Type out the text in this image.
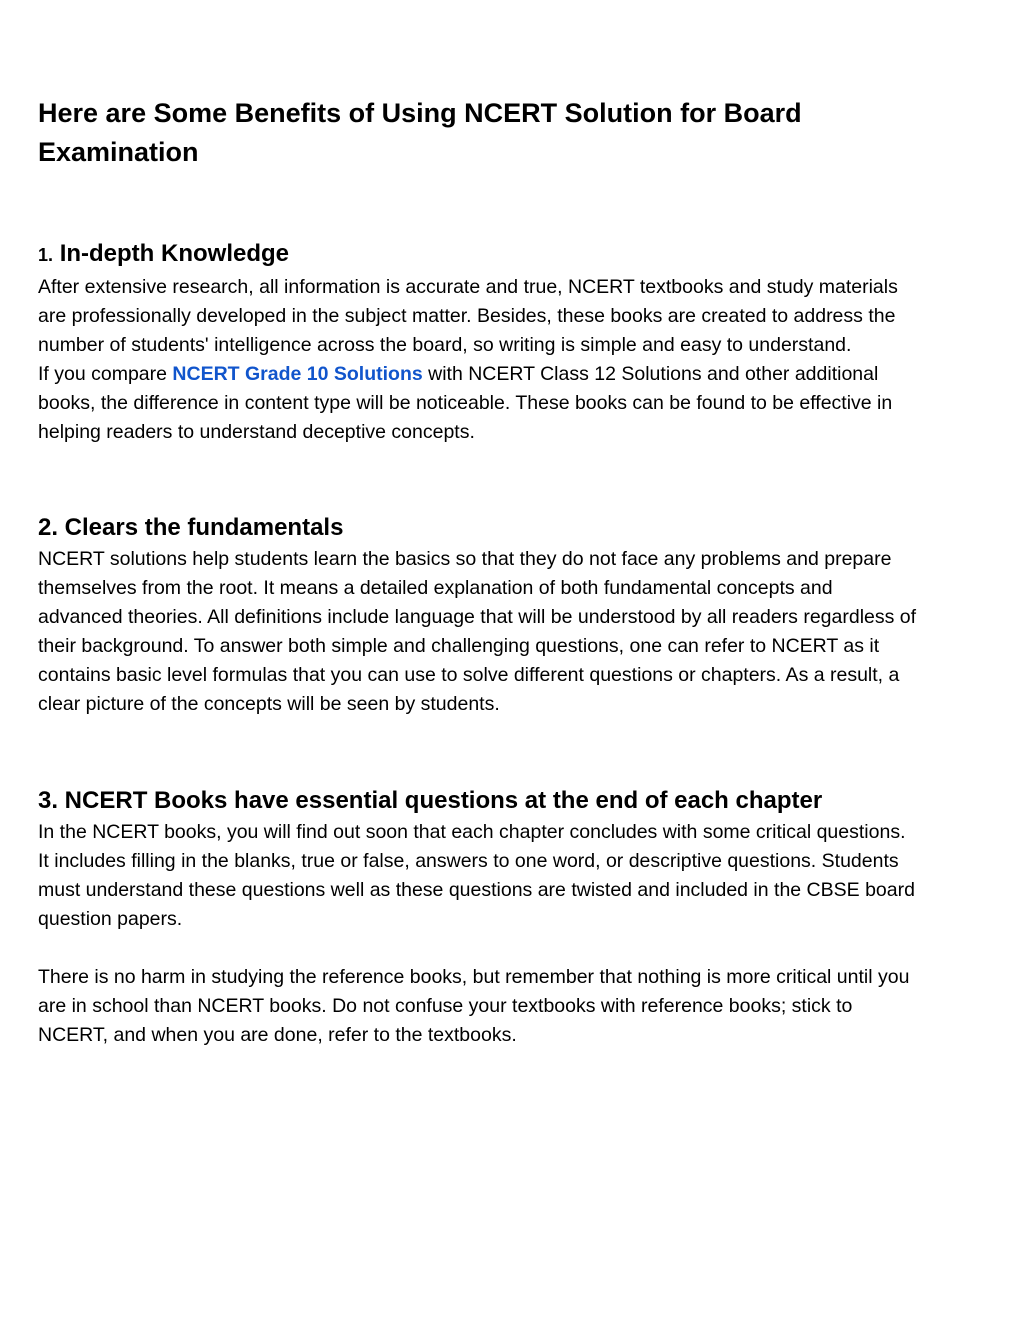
Here are Some Benefits of Using NCERT Solution for Board Examination
1. In-depth Knowledge

After extensive research, all information is accurate and true, NCERT textbooks and study materials are professionally developed in the subject matter. Besides, these books are created to address the number of students' intelligence across the board, so writing is simple and easy to understand.

If you compare NCERT Grade 10 Solutions with NCERT Class 12 Solutions and other additional books, the difference in content type will be noticeable. These books can be found to be effective in helping readers to understand deceptive concepts.

2. Clears the fundamentals

NCERT solutions help students learn the basics so that they do not face any problems and prepare themselves from the root. It means a detailed explanation of both fundamental concepts and advanced theories. All definitions include language that will be understood by all readers regardless of their background. To answer both simple and challenging questions, one can refer to NCERT as it contains basic level formulas that you can use to solve different questions or chapters. As a result, a clear picture of the concepts will be seen by students.

3. NCERT Books have essential questions at the end of each chapter

In the NCERT books, you will find out soon that each chapter concludes with some critical questions. It includes filling in the blanks, true or false, answers to one word, or descriptive questions. Students must understand these questions well as these questions are twisted and included in the CBSE board question papers.

There is no harm in studying the reference books, but remember that nothing is more critical until you are in school than NCERT books. Do not confuse your textbooks with reference books; stick to NCERT, and when you are done, refer to the textbooks.
